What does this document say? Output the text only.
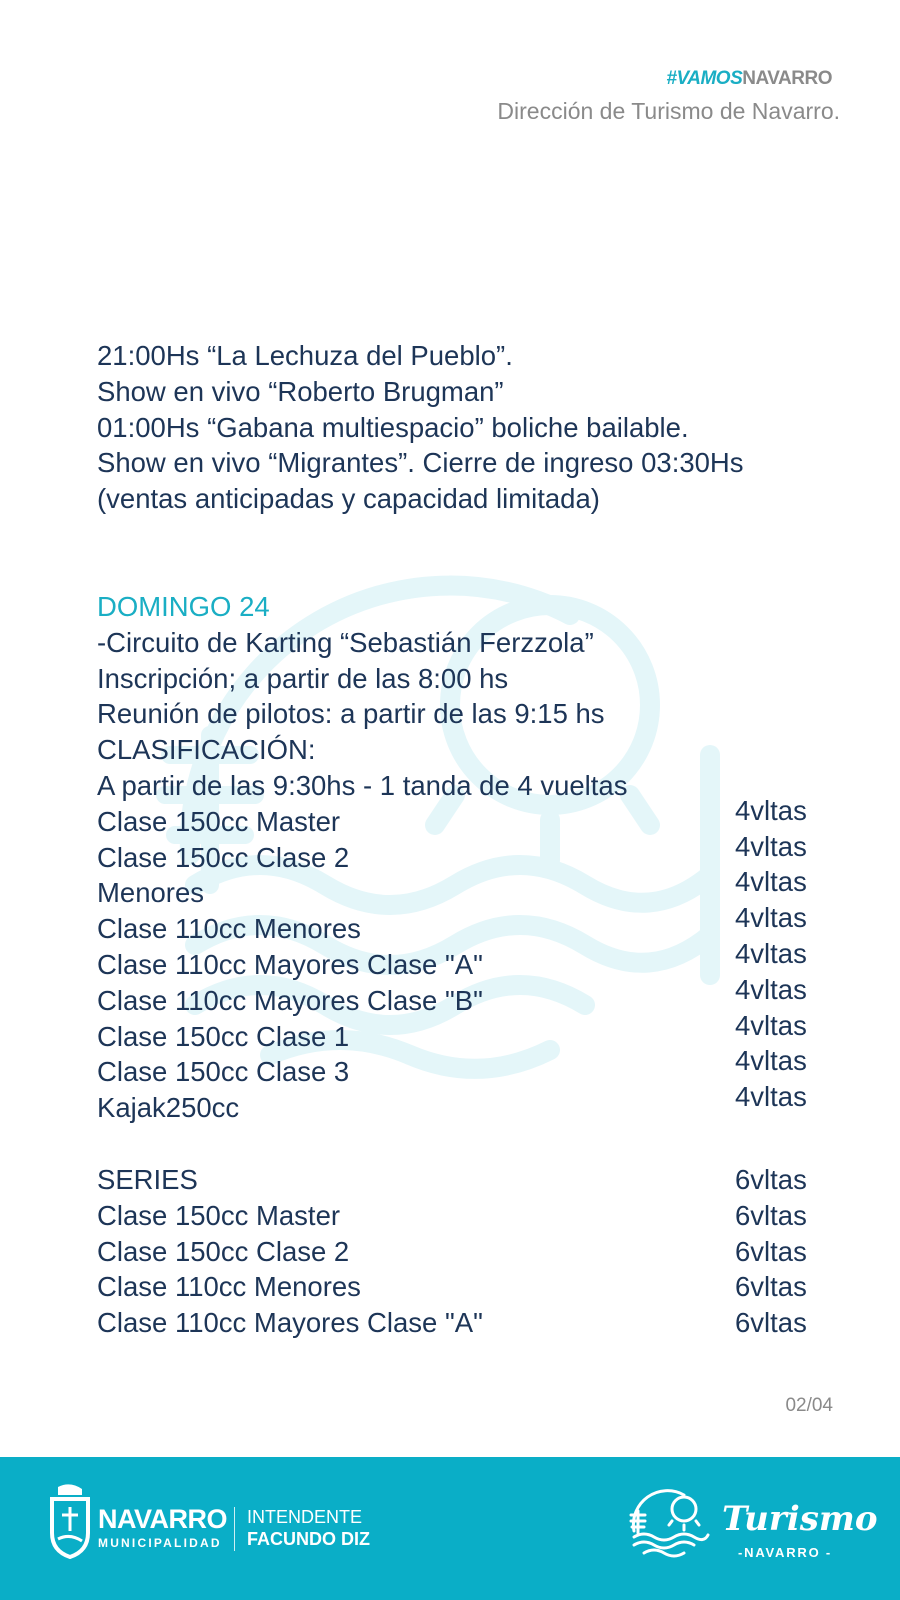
#VAMOSNAVARRO
Dirección de Turismo de Navarro.
21:00Hs “La Lechuza del Pueblo”.
Show en vivo “Roberto Brugman”
01:00Hs “Gabana multiespacio” boliche bailable.
Show en vivo “Migrantes”. Cierre de ingreso 03:30Hs
(ventas anticipadas y capacidad limitada)
DOMINGO 24
-Circuito de Karting “Sebastián Ferzzola”
Inscripción; a partir de las 8:00 hs
Reunión de pilotos: a partir de las 9:15 hs
CLASIFICACIÓN:
A partir de las 9:30hs - 1 tanda de 4 vueltas
Clase 150cc Master	4vltas
Clase 150cc Clase 2	4vltas
Menores	4vltas
Clase 110cc Menores	4vltas
Clase 110cc Mayores Clase "A"	4vltas
Clase 110cc Mayores Clase "B"	4vltas
Clase 150cc Clase 1	4vltas
Clase 150cc Clase 3	4vltas
Kajak250cc	4vltas
SERIES	6vltas
Clase 150cc Master	6vltas
Clase 150cc Clase 2	6vltas
Clase 110cc Menores	6vltas
Clase 110cc Mayores Clase "A"	6vltas
02/04
NAVARRO
MUNICIPALIDAD
INTENDENTE
FACUNDO DIZ	Turismo
-NAVARRO -
